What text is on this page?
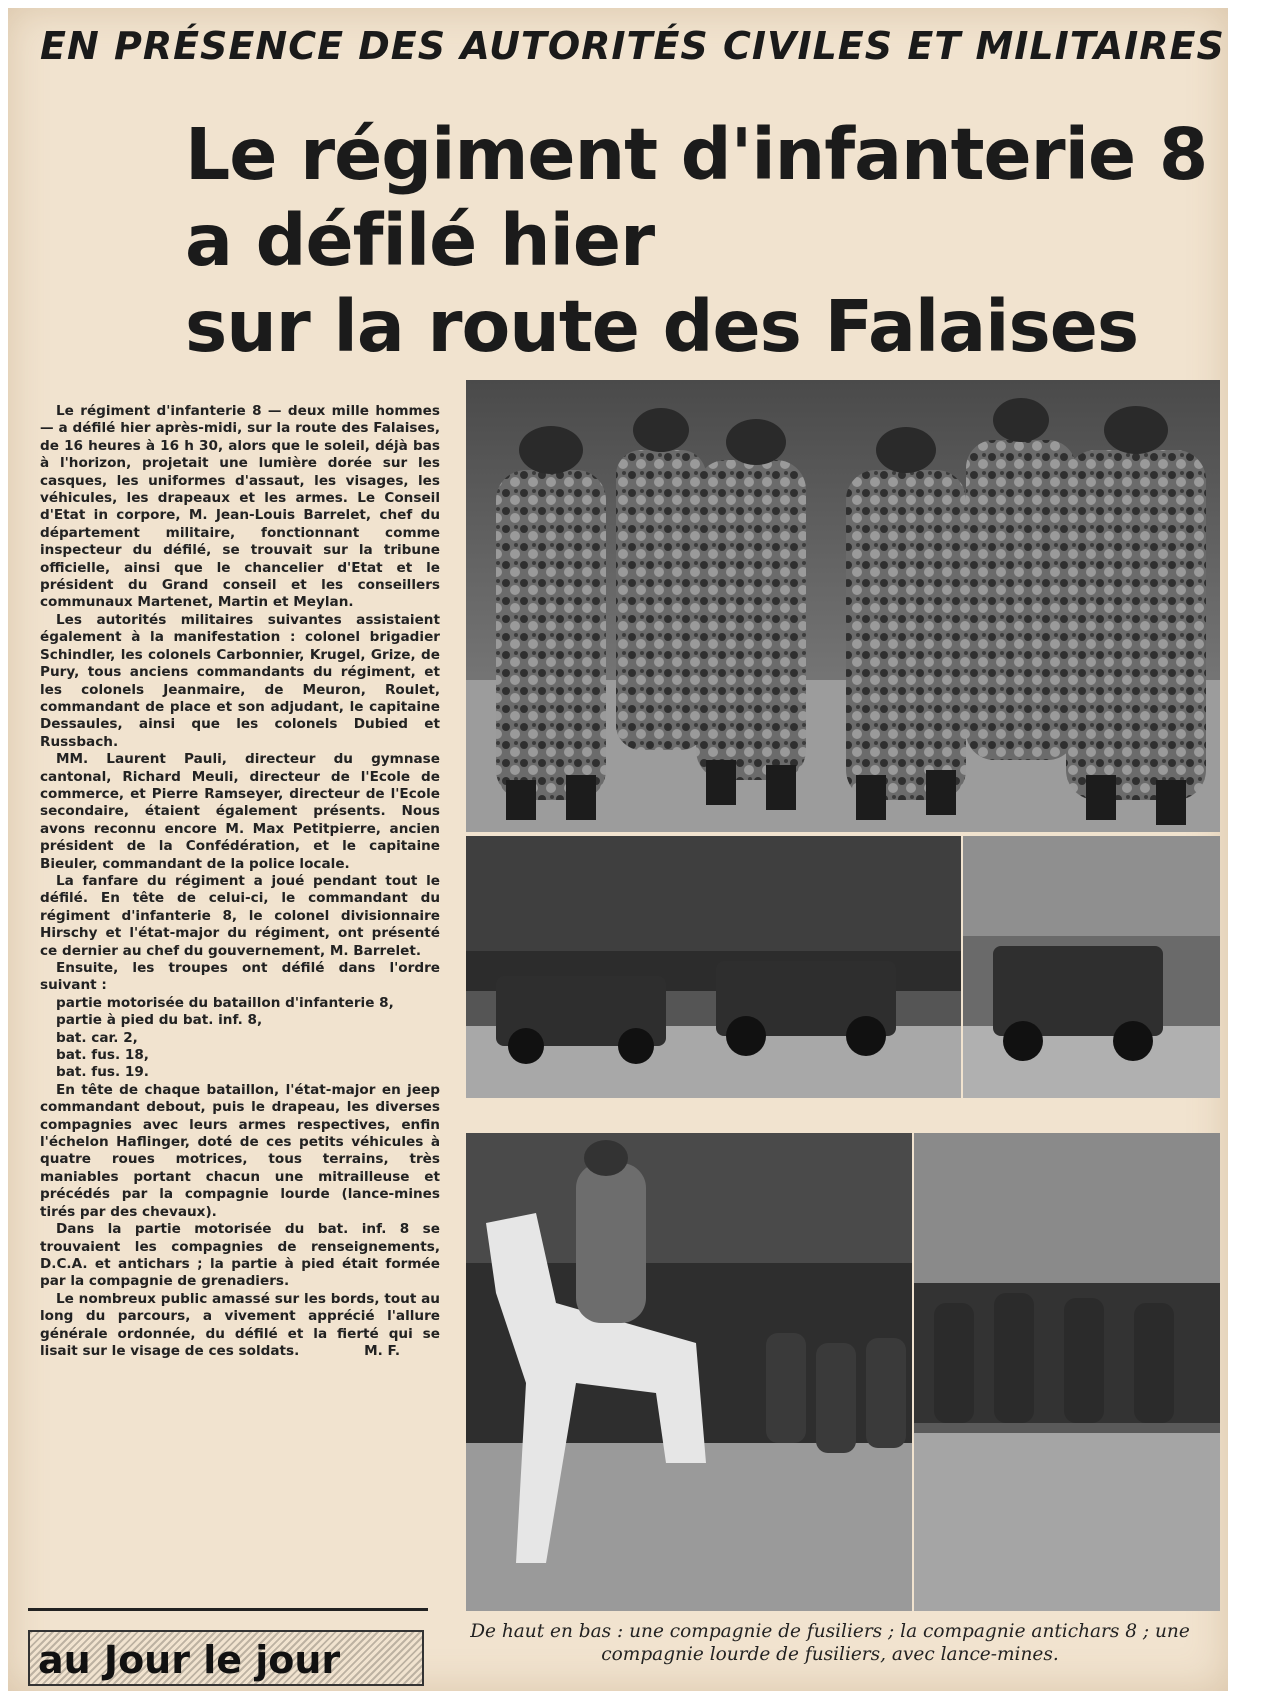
EN PRÉSENCE DES AUTORITÉS CIVILES ET MILITAIRES
Le régiment d'infanterie 8
a défilé hier
sur la route des Falaises

Le régiment d'infanterie 8 — deux mille hommes — a défilé hier après-midi, sur la route des Falaises, de 16 heures à 16 h 30, alors que le soleil, déjà bas à l'horizon, projetait une lumière dorée sur les casques, les uniformes d'assaut, les visages, les véhicules, les drapeaux et les armes. Le Conseil d'Etat in corpore, M. Jean-Louis Barrelet, chef du département militaire, fonctionnant comme inspecteur du défilé, se trouvait sur la tribune officielle, ainsi que le chancelier d'Etat et le président du Grand conseil et les conseillers communaux Martenet, Martin et Meylan.

Les autorités militaires suivantes assistaient également à la manifestation : colonel brigadier Schindler, les colonels Carbonnier, Krugel, Grize, de Pury, tous anciens commandants du régiment, et les colonels Jeanmaire, de Meuron, Roulet, commandant de place et son adjudant, le capitaine Dessaules, ainsi que les colonels Dubied et Russbach.

MM. Laurent Pauli, directeur du gymnase cantonal, Richard Meuli, directeur de l'Ecole de commerce, et Pierre Ramseyer, directeur de l'Ecole secondaire, étaient également présents. Nous avons reconnu encore M. Max Petitpierre, ancien président de la Confédération, et le capitaine Bieuler, commandant de la police locale.

La fanfare du régiment a joué pendant tout le défilé. En tête de celui-ci, le commandant du régiment d'infanterie 8, le colonel divisionnaire Hirschy et l'état-major du régiment, ont présenté ce dernier au chef du gouvernement, M. Barrelet.

Ensuite, les troupes ont défilé dans l'ordre suivant :

partie motorisée du bataillon d'infanterie 8,

partie à pied du bat. inf. 8,

bat. car. 2,

bat. fus. 18,

bat. fus. 19.

En tête de chaque bataillon, l'état-major en jeep commandant debout, puis le drapeau, les diverses compagnies avec leurs armes respectives, enfin l'échelon Haflinger, doté de ces petits véhicules à quatre roues motrices, tous terrains, très maniables portant chacun une mitrailleuse et précédés par la compagnie lourde (lance-mines tirés par des chevaux).

Dans la partie motorisée du bat. inf. 8 se trouvaient les compagnies de renseignements, D.C.A. et antichars ; la partie à pied était formée par la compagnie de grenadiers.

Le nombreux public amassé sur les bords, tout au long du parcours, a vivement apprécié l'allure générale ordonnée, du défilé et la fierté qui se lisait sur le visage de ces soldats.	M. F.

au Jour le jour
De haut en bas : une compagnie de fusiliers ; la compagnie antichars 8 ; une compagnie lourde de fusiliers, avec lance-mines.
